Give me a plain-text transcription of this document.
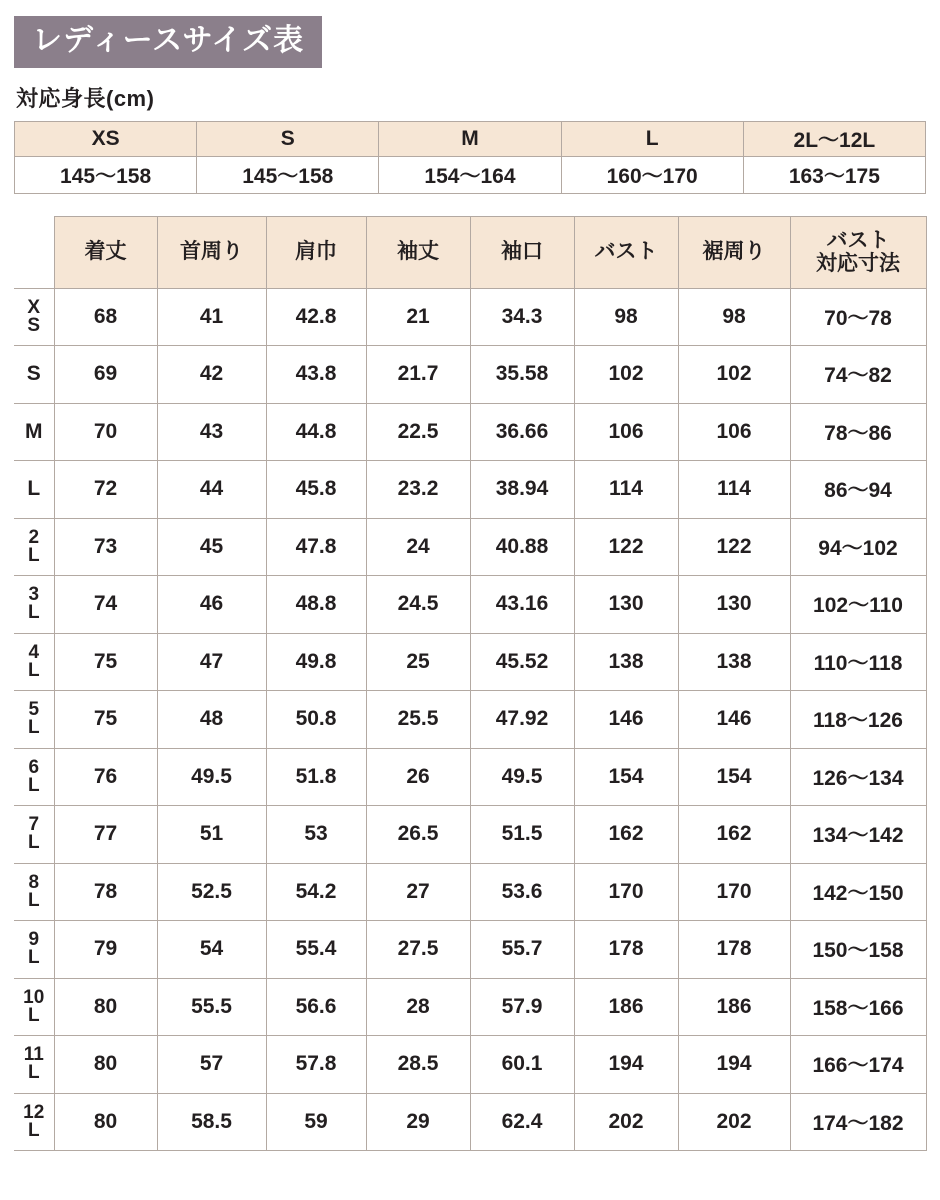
レディースサイズ表
対応身長(cm)
XS	S	M	L	2L〜12L
145〜158	145〜158	154〜164	160〜170	163〜175
	着丈	首周り	肩巾	袖丈	袖口	バスト	裾周り	バスト
対応寸法

X
S	68	41	42.8	21	34.3	98	98	70〜78
S	69	42	43.8	21.7	35.58	102	102	74〜82
M	70	43	44.8	22.5	36.66	106	106	78〜86
L	72	44	45.8	23.2	38.94	114	114	86〜94

2
L	73	45	47.8	24	40.88	122	122	94〜102

3
L	74	46	48.8	24.5	43.16	130	130	102〜110

4
L	75	47	49.8	25	45.52	138	138	110〜118

5
L	75	48	50.8	25.5	47.92	146	146	118〜126

6
L	76	49.5	51.8	26	49.5	154	154	126〜134

7
L	77	51	53	26.5	51.5	162	162	134〜142

8
L	78	52.5	54.2	27	53.6	170	170	142〜150

9
L	79	54	55.4	27.5	55.7	178	178	150〜158

10
L	80	55.5	56.6	28	57.9	186	186	158〜166

11
L	80	57	57.8	28.5	60.1	194	194	166〜174

12
L	80	58.5	59	29	62.4	202	202	174〜182
